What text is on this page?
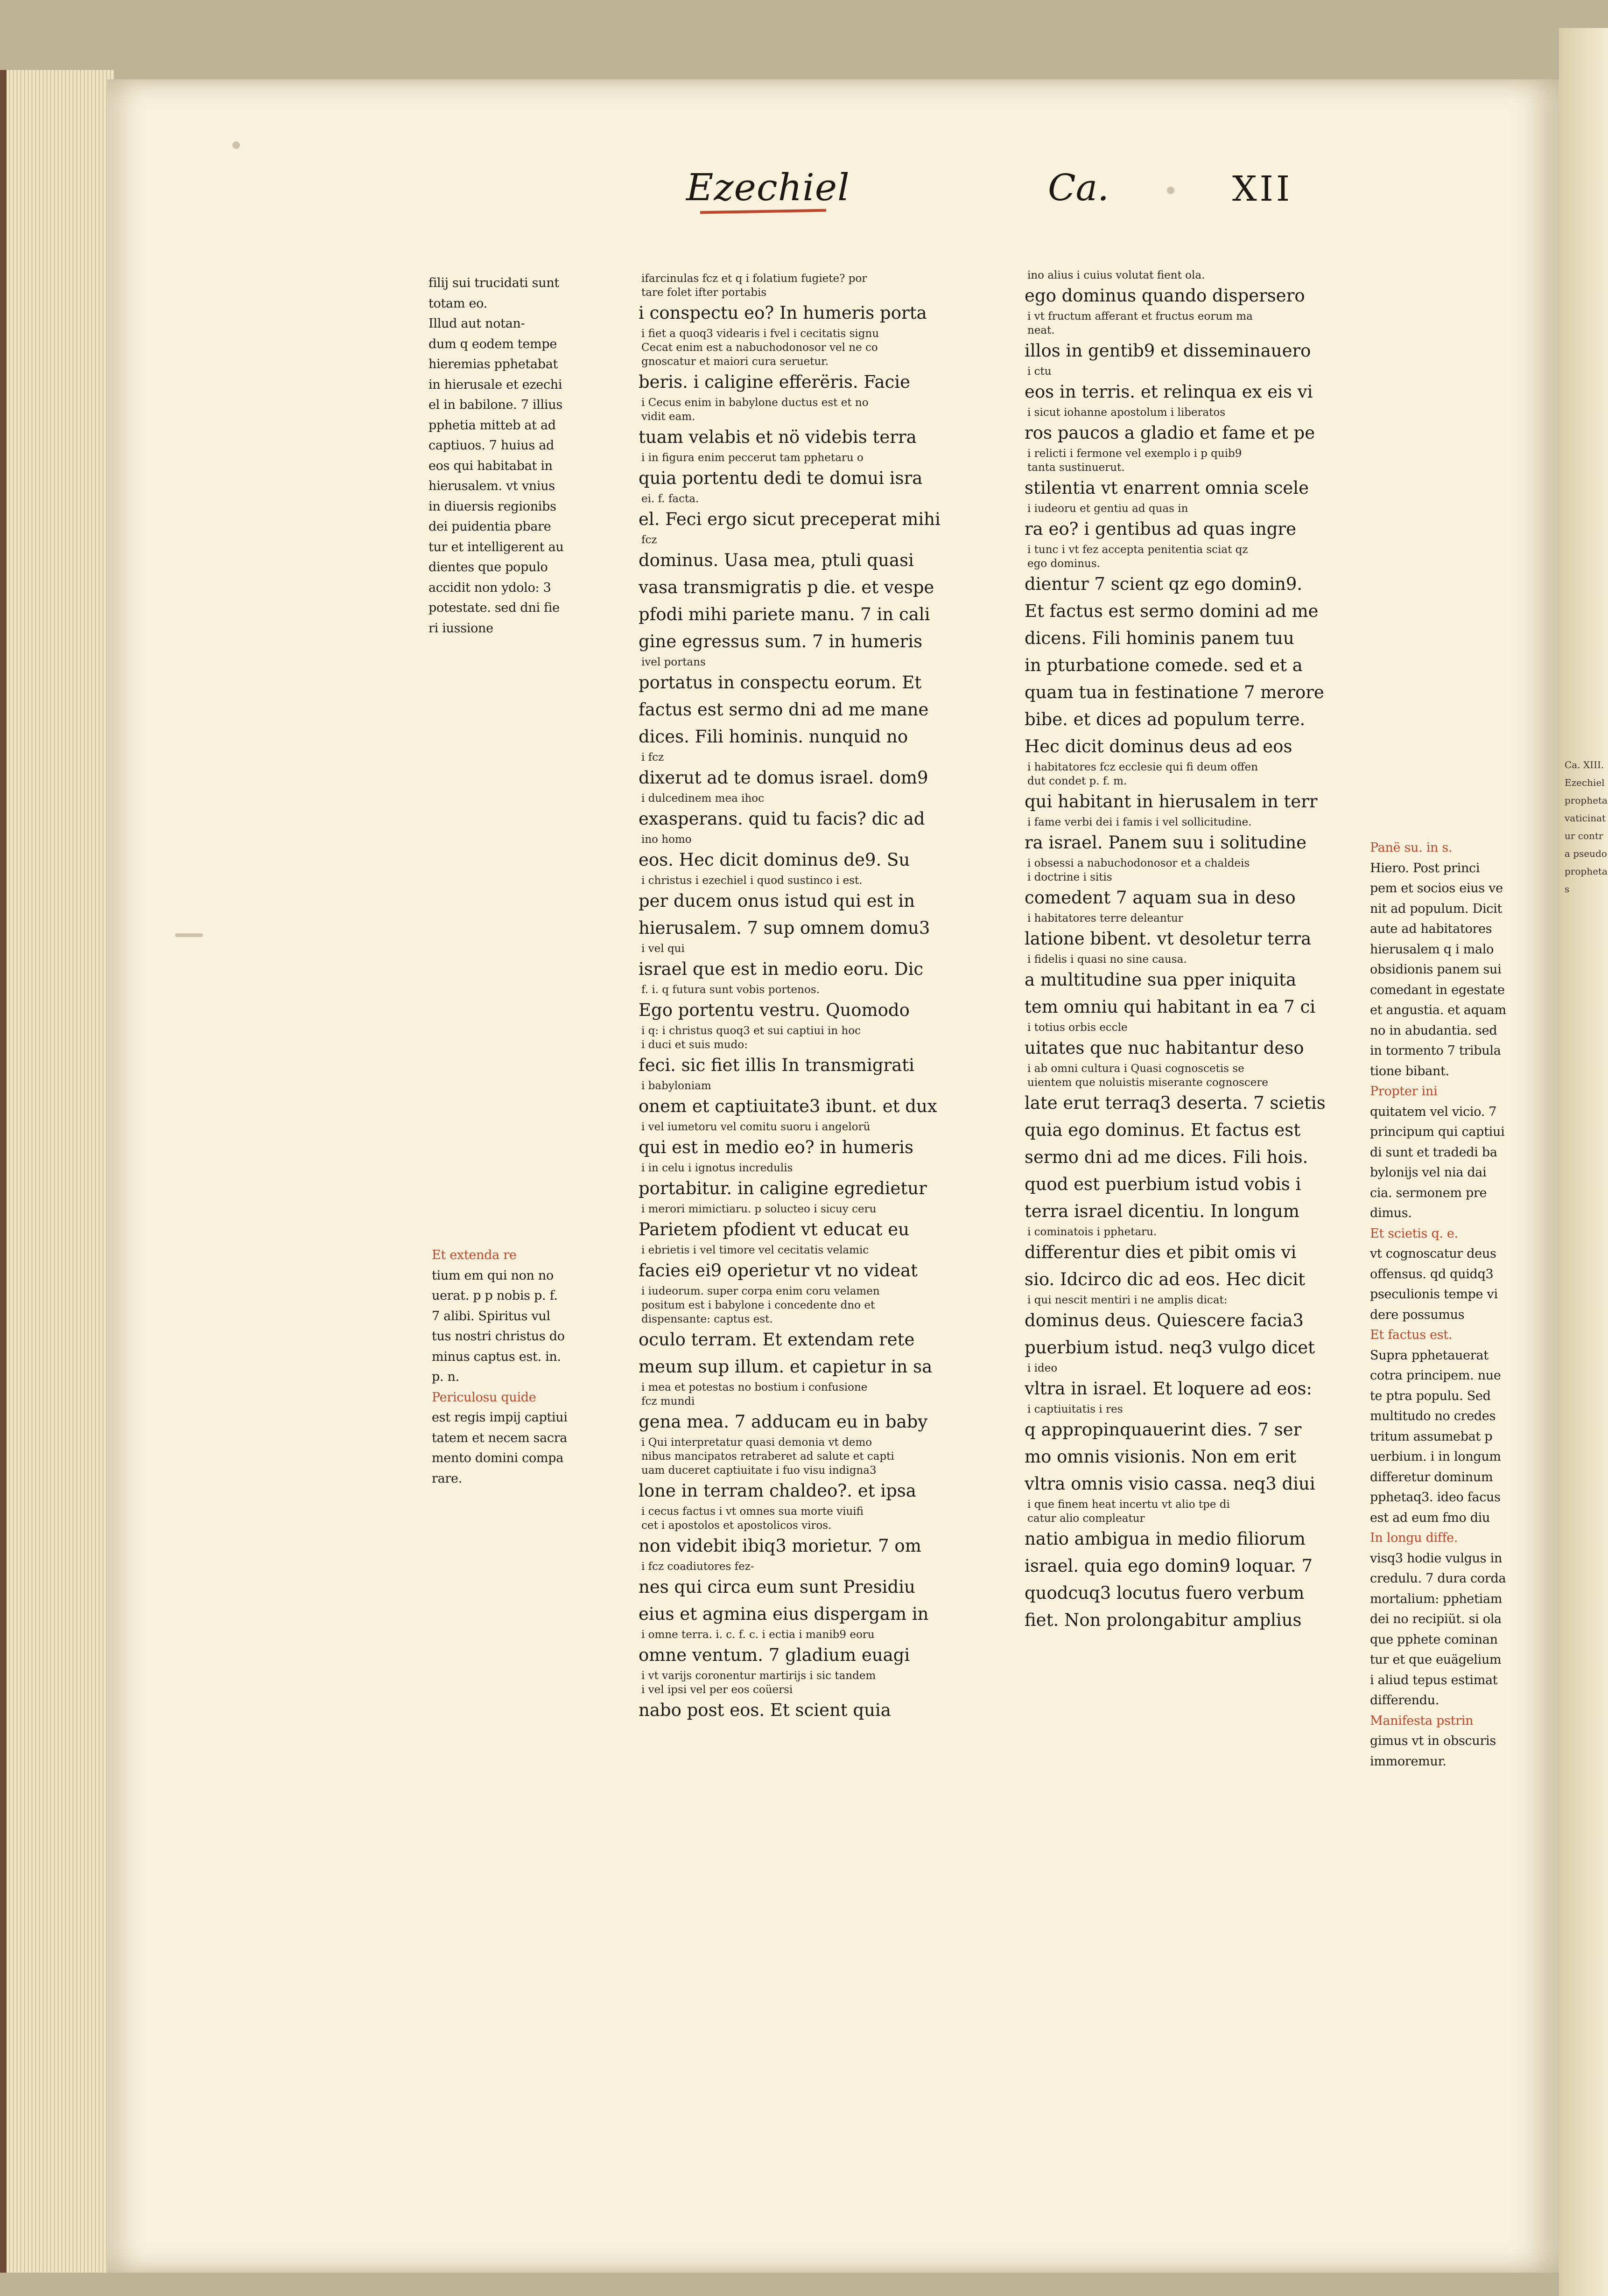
Ca. XIII. Ezechiel propheta vaticinatur contra pseudoprophetas
Ezechiel	Ca.	XII

filij sui trucidati sunt

totam eo.

Illud aut notan-

dum q eodem tempe

hieremias pphetabat

in hierusale et ezechi

el in babilone. 7 illius

pphetia mitteb at ad

captiuos. 7 huius ad

eos qui habitabat in

hierusalem. vt vnius

in diuersis regionibs

dei puidentia pbare

tur et intelligerent au

dientes que populo

accidit non ydolo: 3

potestate. sed dni fie

ri iussione

Et extenda re

tium em qui non no

uerat. p p nobis p. f.

7 alibi. Spiritus vul

tus nostri christus do

minus captus est. in.

p. n.

Periculosu quide

est regis impij captiui

tatem et necem sacra

mento domini compa

rare.

ifarcinulas fcz et q i folatium fugiete? por

tare folet ifter portabis

i conspectu eo? In humeris porta

i fiet a quoq3 videaris i fvel i cecitatis signu

Cecat enim est a nabuchodonosor vel ne co

gnoscatur et maiori cura seruetur.

beris. i caligine efferëris. Facie

i Cecus enim in babylone ductus est et no

vidit eam.

tuam velabis et nö videbis terra

i in figura enim peccerut tam pphetaru o

quia portentu dedi te domui isra

ei. f. facta.

el. Feci ergo sicut preceperat mihi

fcz

dominus. Uasa mea, ptuli quasi

vasa transmigratis p die. et vespe

pfodi mihi pariete manu. 7 in cali

gine egressus sum. 7 in humeris

ivel portans

portatus in conspectu eorum. Et

factus est sermo dni ad me mane

dices. Fili hominis. nunquid no

i fcz

dixerut ad te domus israel. dom9

i dulcedinem mea ihoc

exasperans. quid tu facis? dic ad

ino homo

eos. Hec dicit dominus de9. Su

i christus i ezechiel i quod sustinco i est.

per ducem onus istud qui est in

hierusalem. 7 sup omnem domu3

i vel qui

israel que est in medio eoru. Dic

f. i. q futura sunt vobis portenos.

Ego portentu vestru. Quomodo

i q: i christus quoq3 et sui captiui in hoc

i duci et suis mudo:

feci. sic fiet illis In transmigrati

i babyloniam

onem et captiuitate3 ibunt. et dux

i vel iumetoru vel comitu suoru i angelorü

qui est in medio eo? in humeris

i in celu i ignotus incredulis

portabitur. in caligine egredietur

i merori mimictiaru. p solucteo i sicuy ceru

Parietem pfodient vt educat eu

i ebrietis i vel timore vel cecitatis velamic

facies ei9 operietur vt no videat

i iudeorum. super corpa enim coru velamen

positum est i babylone i concedente dno et

dispensante: captus est.

oculo terram. Et extendam rete

meum sup illum. et capietur in sa

i mea et potestas no bostium i confusione

fcz mundi

gena mea. 7 adducam eu in baby

i Qui interpretatur quasi demonia vt demo

nibus mancipatos retraberet ad salute et capti

uam duceret captiuitate i fuo visu indigna3

lone in terram chaldeo?. et ipsa

i cecus factus i vt omnes sua morte viuifi

cet i apostolos et apostolicos viros.

non videbit ibiq3 morietur. 7 om

i fcz coadiutores fez-

nes qui circa eum sunt Presidiu

eius et agmina eius dispergam in

i omne terra. i. c. f. c. i ectia i manib9 eoru

omne ventum. 7 gladium euagi

i vt varijs coronentur martirijs i sic tandem

i vel ipsi vel per eos coüersi

nabo post eos. Et scient quia

ino alius i cuius volutat fient ola.

ego dominus quando dispersero

i vt fructum afferant et fructus eorum ma

neat.

illos in gentib9 et disseminauero

i ctu

eos in terris. et relinqua ex eis vi

i sicut iohanne apostolum i liberatos

ros paucos a gladio et fame et pe

i relicti i fermone vel exemplo i p quib9

tanta sustinuerut.

stilentia vt enarrent omnia scele

i iudeoru et gentiu ad quas in

ra eo? i gentibus ad quas ingre

i tunc i vt fez accepta penitentia sciat qz

ego dominus.

dientur 7 scient qz ego domin9.

Et factus est sermo domini ad me

dicens. Fili hominis panem tuu

in pturbatione comede. sed et a

quam tua in festinatione 7 merore

bibe. et dices ad populum terre.

Hec dicit dominus deus ad eos

i habitatores fcz ecclesie qui fi deum offen

dut condet p. f. m.

qui habitant in hierusalem in terr

i fame verbi dei i famis i vel sollicitudine.

ra israel. Panem suu i solitudine

i obsessi a nabuchodonosor et a chaldeis

i doctrine i sitis

comedent 7 aquam sua in deso

i habitatores terre deleantur

latione bibent. vt desoletur terra

i fidelis i quasi no sine causa.

a multitudine sua pper iniquita

tem omniu qui habitant in ea 7 ci

i totius orbis eccle

uitates que nuc habitantur deso

i ab omni cultura i Quasi cognoscetis se

uientem que noluistis miserante cognoscere

late erut terraq3 deserta. 7 scietis

quia ego dominus. Et factus est

sermo dni ad me dices. Fili hois.

quod est puerbium istud vobis i

terra israel dicentiu. In longum

i cominatois i pphetaru.

differentur dies et pibit omis vi

sio. Idcirco dic ad eos. Hec dicit

i qui nescit mentiri i ne amplis dicat:

dominus deus. Quiescere facia3

puerbium istud. neq3 vulgo dicet

i ideo

vltra in israel. Et loquere ad eos:

i captiuitatis i res

q appropinquauerint dies. 7 ser

mo omnis visionis. Non em erit

vltra omnis visio cassa. neq3 diui

i que finem heat incertu vt alio tpe di

catur alio compleatur

natio ambigua in medio filiorum

israel. quia ego domin9 loquar. 7

quodcuq3 locutus fuero verbum

fiet. Non prolongabitur amplius

Panë su. in s.

Hiero. Post princi

pem et socios eius ve

nit ad populum. Dicit

aute ad habitatores

hierusalem q i malo

obsidionis panem sui

comedant in egestate

et angustia. et aquam

no in abudantia. sed

in tormento 7 tribula

tione bibant.

Propter ini

quitatem vel vicio. 7

principum qui captiui

di sunt et tradedi ba

bylonijs vel nia dai

cia. sermonem pre

dimus.

Et scietis q. e.

vt cognoscatur deus

offensus. qd quidq3

pseculionis tempe vi

dere possumus

Et factus est.

Supra pphetauerat

cotra principem. nue

te ptra populu. Sed

multitudo no credes

tritum assumebat p

uerbium. i in longum

differetur dominum

pphetaq3. ideo facus

est ad eum fmo diu

In longu diffe.

visq3 hodie vulgus in

credulu. 7 dura corda

mortalium: pphetiam

dei no recipiüt. si ola

que pphete cominan

tur et que euägelium

i aliud tepus estimat

differendu.

Manifesta pstrin

gimus vt in obscuris

immoremur.
